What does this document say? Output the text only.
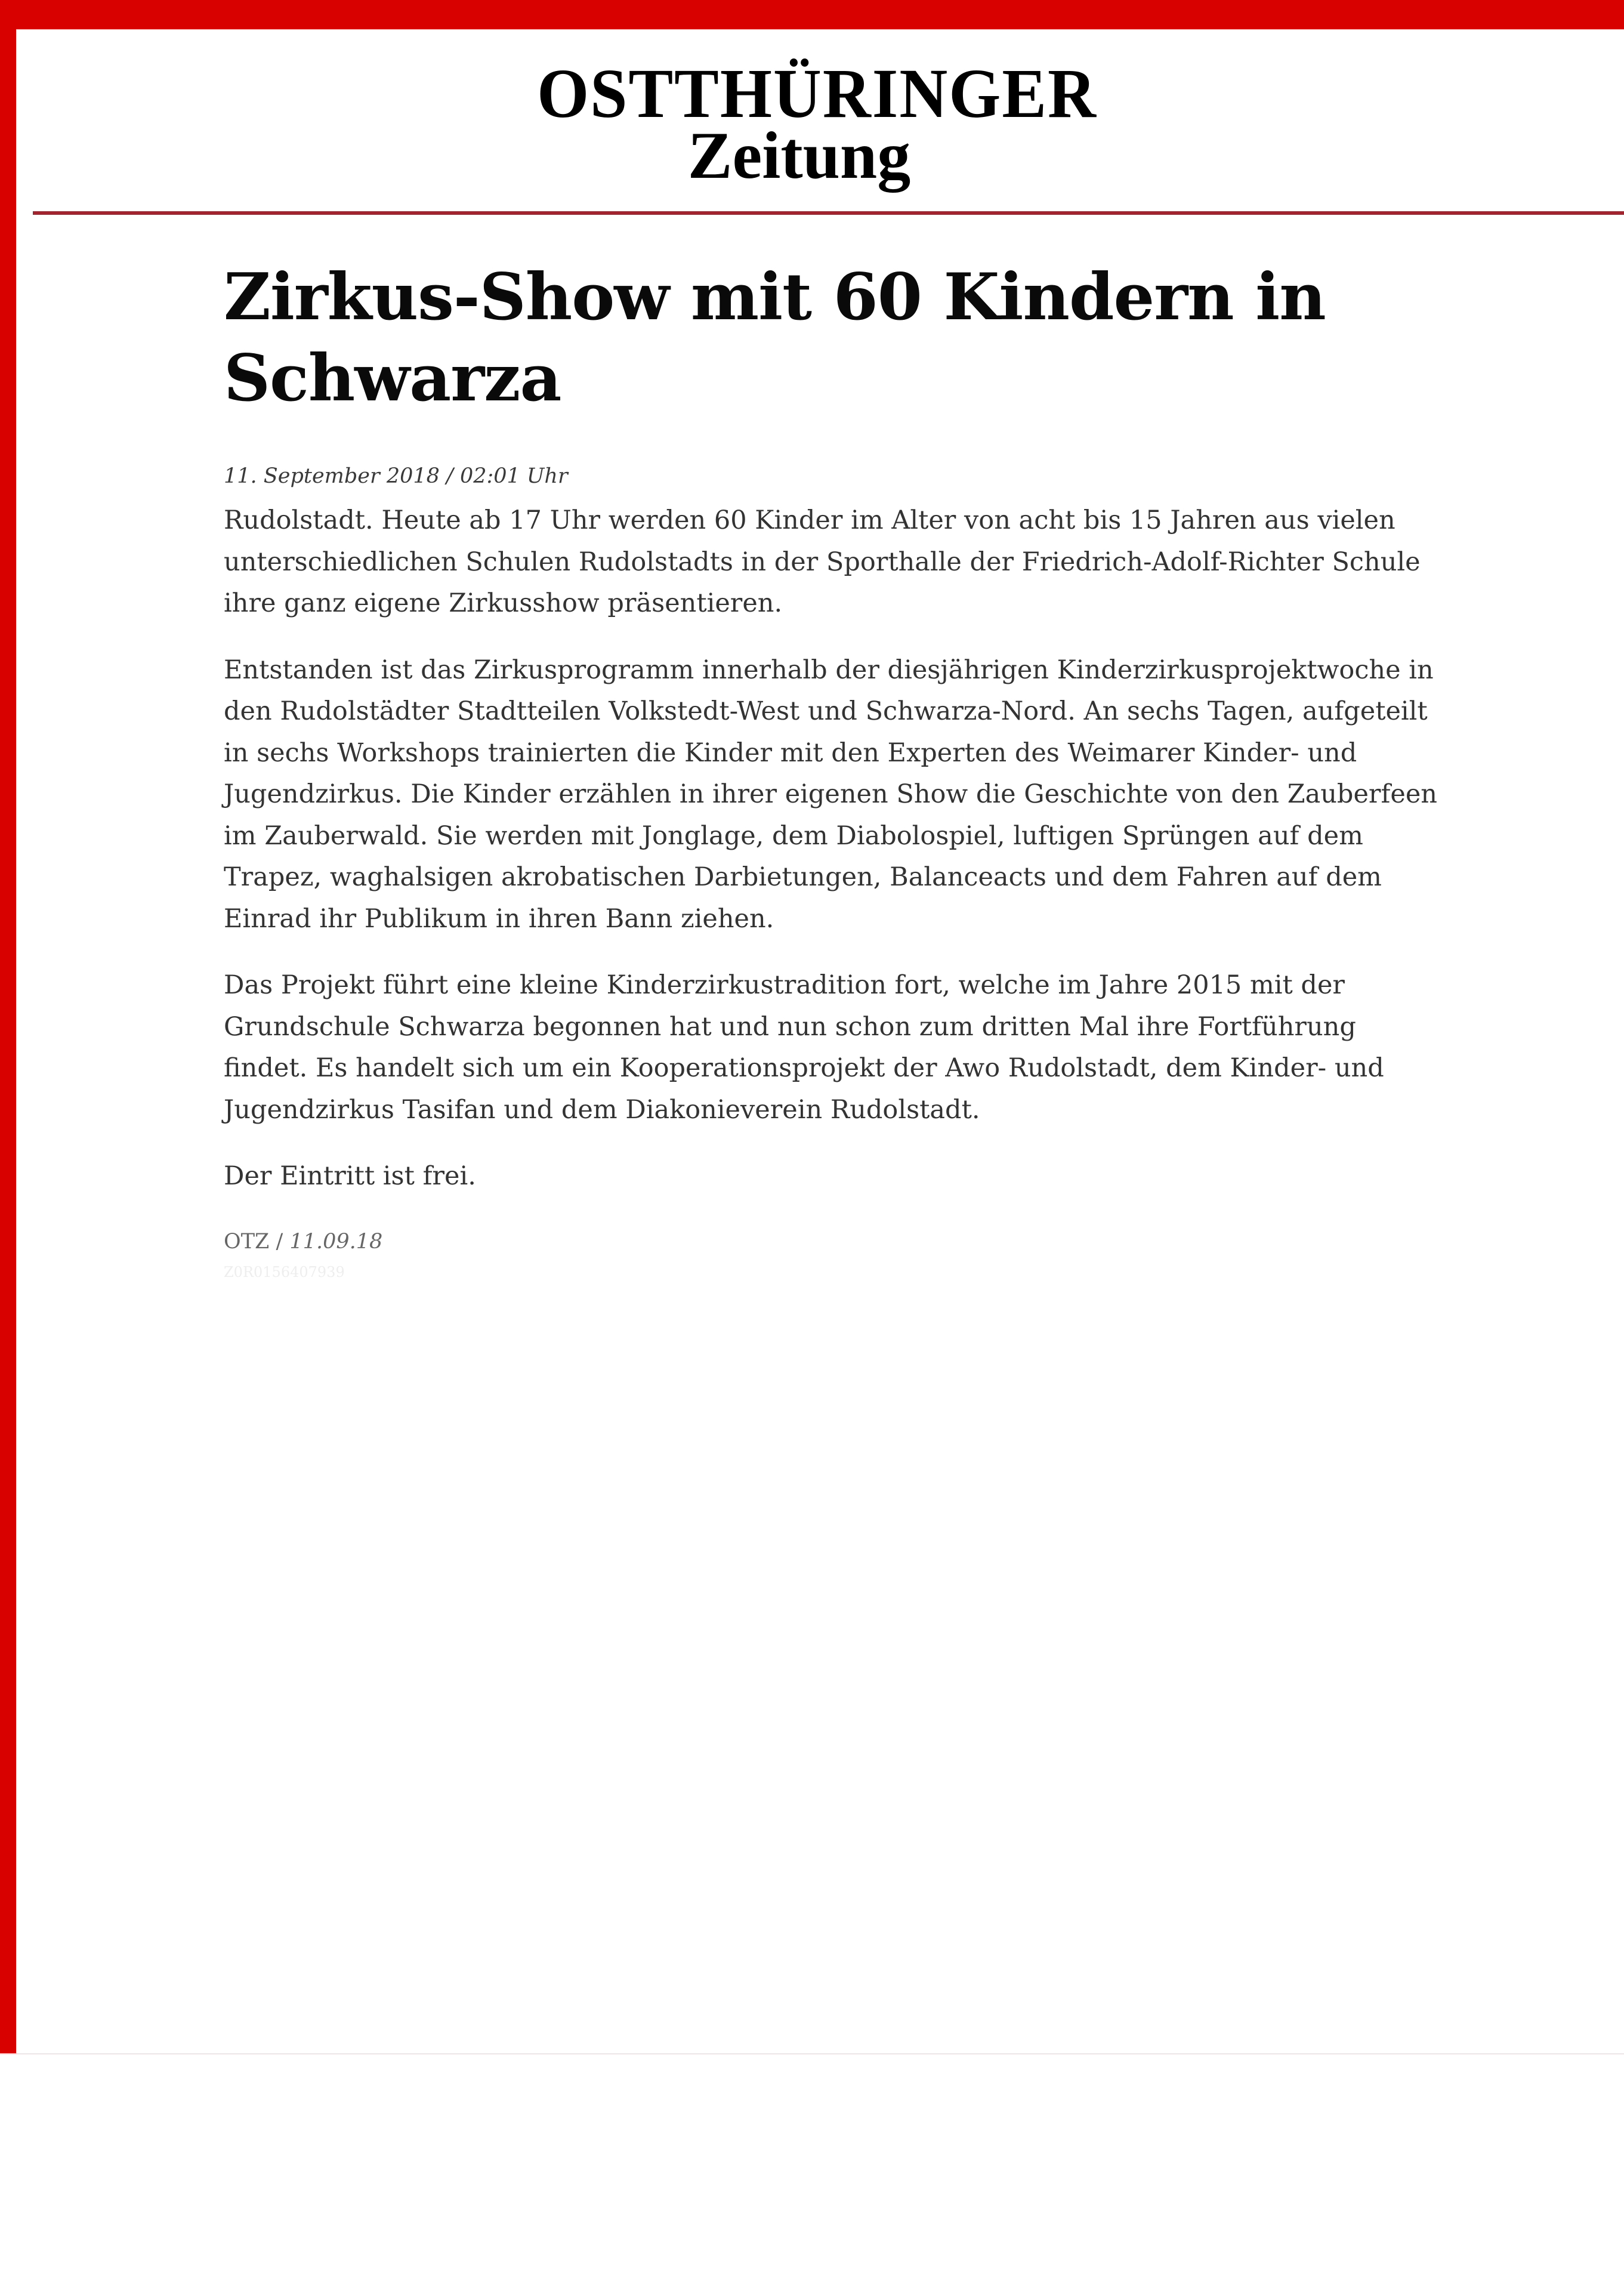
OSTTHÜRINGER
Zeitung
Zirkus-Show mit 60 Kindern in Schwarza
11. September 2018 / 02:01 Uhr

Rudolstadt. Heute ab 17 Uhr werden 60 Kinder im Alter von acht bis 15 Jahren aus vielen unterschiedlichen Schulen Rudolstadts in der Sporthalle der Friedrich-Adolf-Richter Schule ihre ganz eigene Zirkusshow präsentieren.

Entstanden ist das Zirkusprogramm innerhalb der diesjährigen Kinderzirkusprojektwoche in den Rudolstädter Stadtteilen Volkstedt-West und Schwarza-Nord. An sechs Tagen, aufgeteilt in sechs Workshops trainierten die Kinder mit den Experten des Weimarer Kinder- und Jugendzirkus. Die Kinder erzählen in ihrer eigenen Show die Geschichte von den Zauberfeen im Zauberwald. Sie werden mit Jonglage, dem Diabolospiel, luftigen Sprüngen auf dem Trapez, waghalsigen akrobatischen Darbietungen, Balanceacts und dem Fahren auf dem Einrad ihr Publikum in ihren Bann ziehen.

Das Projekt führt eine kleine Kinderzirkustradition fort, welche im Jahre 2015 mit der Grundschule Schwarza begonnen hat und nun schon zum dritten Mal ihre Fortführung findet. Es handelt sich um ein Kooperationsprojekt der Awo Rudolstadt, dem Kinder- und Jugendzirkus Tasifan und dem Diakonieverein Rudolstadt.

Der Eintritt ist frei.

OTZ / 11.09.18
Z0R0156407939
